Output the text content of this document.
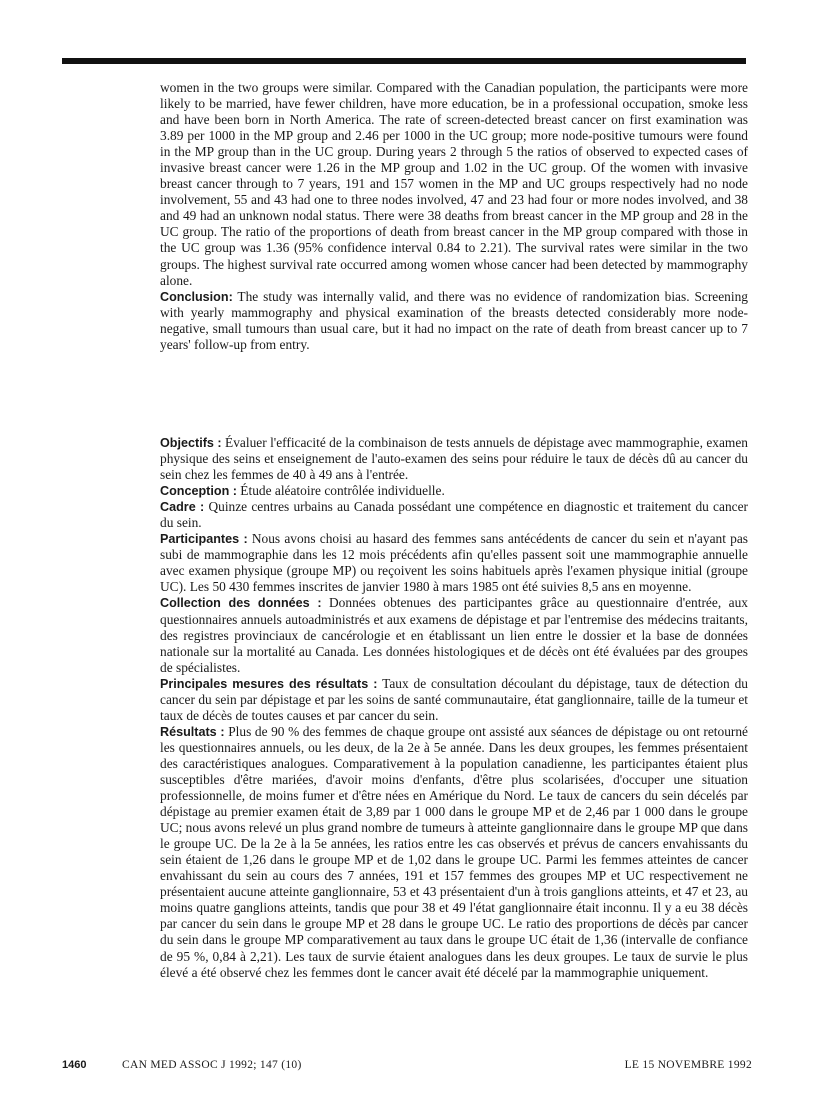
women in the two groups were similar. Compared with the Canadian population, the participants were more likely to be married, have fewer children, have more education, be in a professional occupation, smoke less and have been born in North America. The rate of screen-detected breast cancer on first examination was 3.89 per 1000 in the MP group and 2.46 per 1000 in the UC group; more node-positive tumours were found in the MP group than in the UC group. During years 2 through 5 the ratios of observed to expected cases of invasive breast cancer were 1.26 in the MP group and 1.02 in the UC group. Of the women with invasive breast cancer through to 7 years, 191 and 157 women in the MP and UC groups respectively had no node involvement, 55 and 43 had one to three nodes involved, 47 and 23 had four or more nodes involved, and 38 and 49 had an unknown nodal status. There were 38 deaths from breast cancer in the MP group and 28 in the UC group. The ratio of the proportions of death from breast cancer in the MP group compared with those in the UC group was 1.36 (95% confidence interval 0.84 to 2.21). The survival rates were similar in the two groups. The highest survival rate occurred among women whose cancer had been detected by mammography alone.

Conclusion: The study was internally valid, and there was no evidence of randomization bias. Screening with yearly mammography and physical examination of the breasts detected considerably more node-negative, small tumours than usual care, but it had no impact on the rate of death from breast cancer up to 7 years' follow-up from entry.

Objectifs : Évaluer l'efficacité de la combinaison de tests annuels de dépistage avec mammographie, examen physique des seins et enseignement de l'auto-examen des seins pour réduire le taux de décès dû au cancer du sein chez les femmes de 40 à 49 ans à l'entrée.

Conception : Étude aléatoire contrôlée individuelle.

Cadre : Quinze centres urbains au Canada possédant une compétence en diagnostic et traitement du cancer du sein.

Participantes : Nous avons choisi au hasard des femmes sans antécédents de cancer du sein et n'ayant pas subi de mammographie dans les 12 mois précédents afin qu'elles passent soit une mammographie annuelle avec examen physique (groupe MP) ou reçoivent les soins habituels après l'examen physique initial (groupe UC). Les 50 430 femmes inscrites de janvier 1980 à mars 1985 ont été suivies 8,5 ans en moyenne.

Collection des données : Données obtenues des participantes grâce au questionnaire d'entrée, aux questionnaires annuels autoadministrés et aux examens de dépistage et par l'entremise des médecins traitants, des registres provinciaux de cancérologie et en établissant un lien entre le dossier et la base de données nationale sur la mortalité au Canada. Les données histologiques et de décès ont été évaluées par des groupes de spécialistes.

Principales mesures des résultats : Taux de consultation découlant du dépistage, taux de détection du cancer du sein par dépistage et par les soins de santé communautaire, état ganglionnaire, taille de la tumeur et taux de décès de toutes causes et par cancer du sein.

Résultats : Plus de 90 % des femmes de chaque groupe ont assisté aux séances de dépistage ou ont retourné les questionnaires annuels, ou les deux, de la 2e à 5e année. Dans les deux groupes, les femmes présentaient des caractéristiques analogues. Comparativement à la population canadienne, les participantes étaient plus susceptibles d'être mariées, d'avoir moins d'enfants, d'être plus scolarisées, d'occuper une situation professionnelle, de moins fumer et d'être nées en Amérique du Nord. Le taux de cancers du sein décelés par dépistage au premier examen était de 3,89 par 1 000 dans le groupe MP et de 2,46 par 1 000 dans le groupe UC; nous avons relevé un plus grand nombre de tumeurs à atteinte ganglionnaire dans le groupe MP que dans le groupe UC. De la 2e à la 5e années, les ratios entre les cas observés et prévus de cancers envahissants du sein étaient de 1,26 dans le groupe MP et de 1,02 dans le groupe UC. Parmi les femmes atteintes de cancer envahissant du sein au cours des 7 années, 191 et 157 femmes des groupes MP et UC respectivement ne présentaient aucune atteinte ganglionnaire, 53 et 43 présentaient d'un à trois ganglions atteints, et 47 et 23, au moins quatre ganglions atteints, tandis que pour 38 et 49 l'état ganglionnaire était inconnu. Il y a eu 38 décès par cancer du sein dans le groupe MP et 28 dans le groupe UC. Le ratio des proportions de décès par cancer du sein dans le groupe MP comparativement au taux dans le groupe UC était de 1,36 (intervalle de confiance de 95 %, 0,84 à 2,21). Les taux de survie étaient analogues dans les deux groupes. Le taux de survie le plus élevé a été observé chez les femmes dont le cancer avait été décelé par la mammographie uniquement.

1460	CAN MED ASSOC J 1992; 147 (10)	LE 15 NOVEMBRE 1992
